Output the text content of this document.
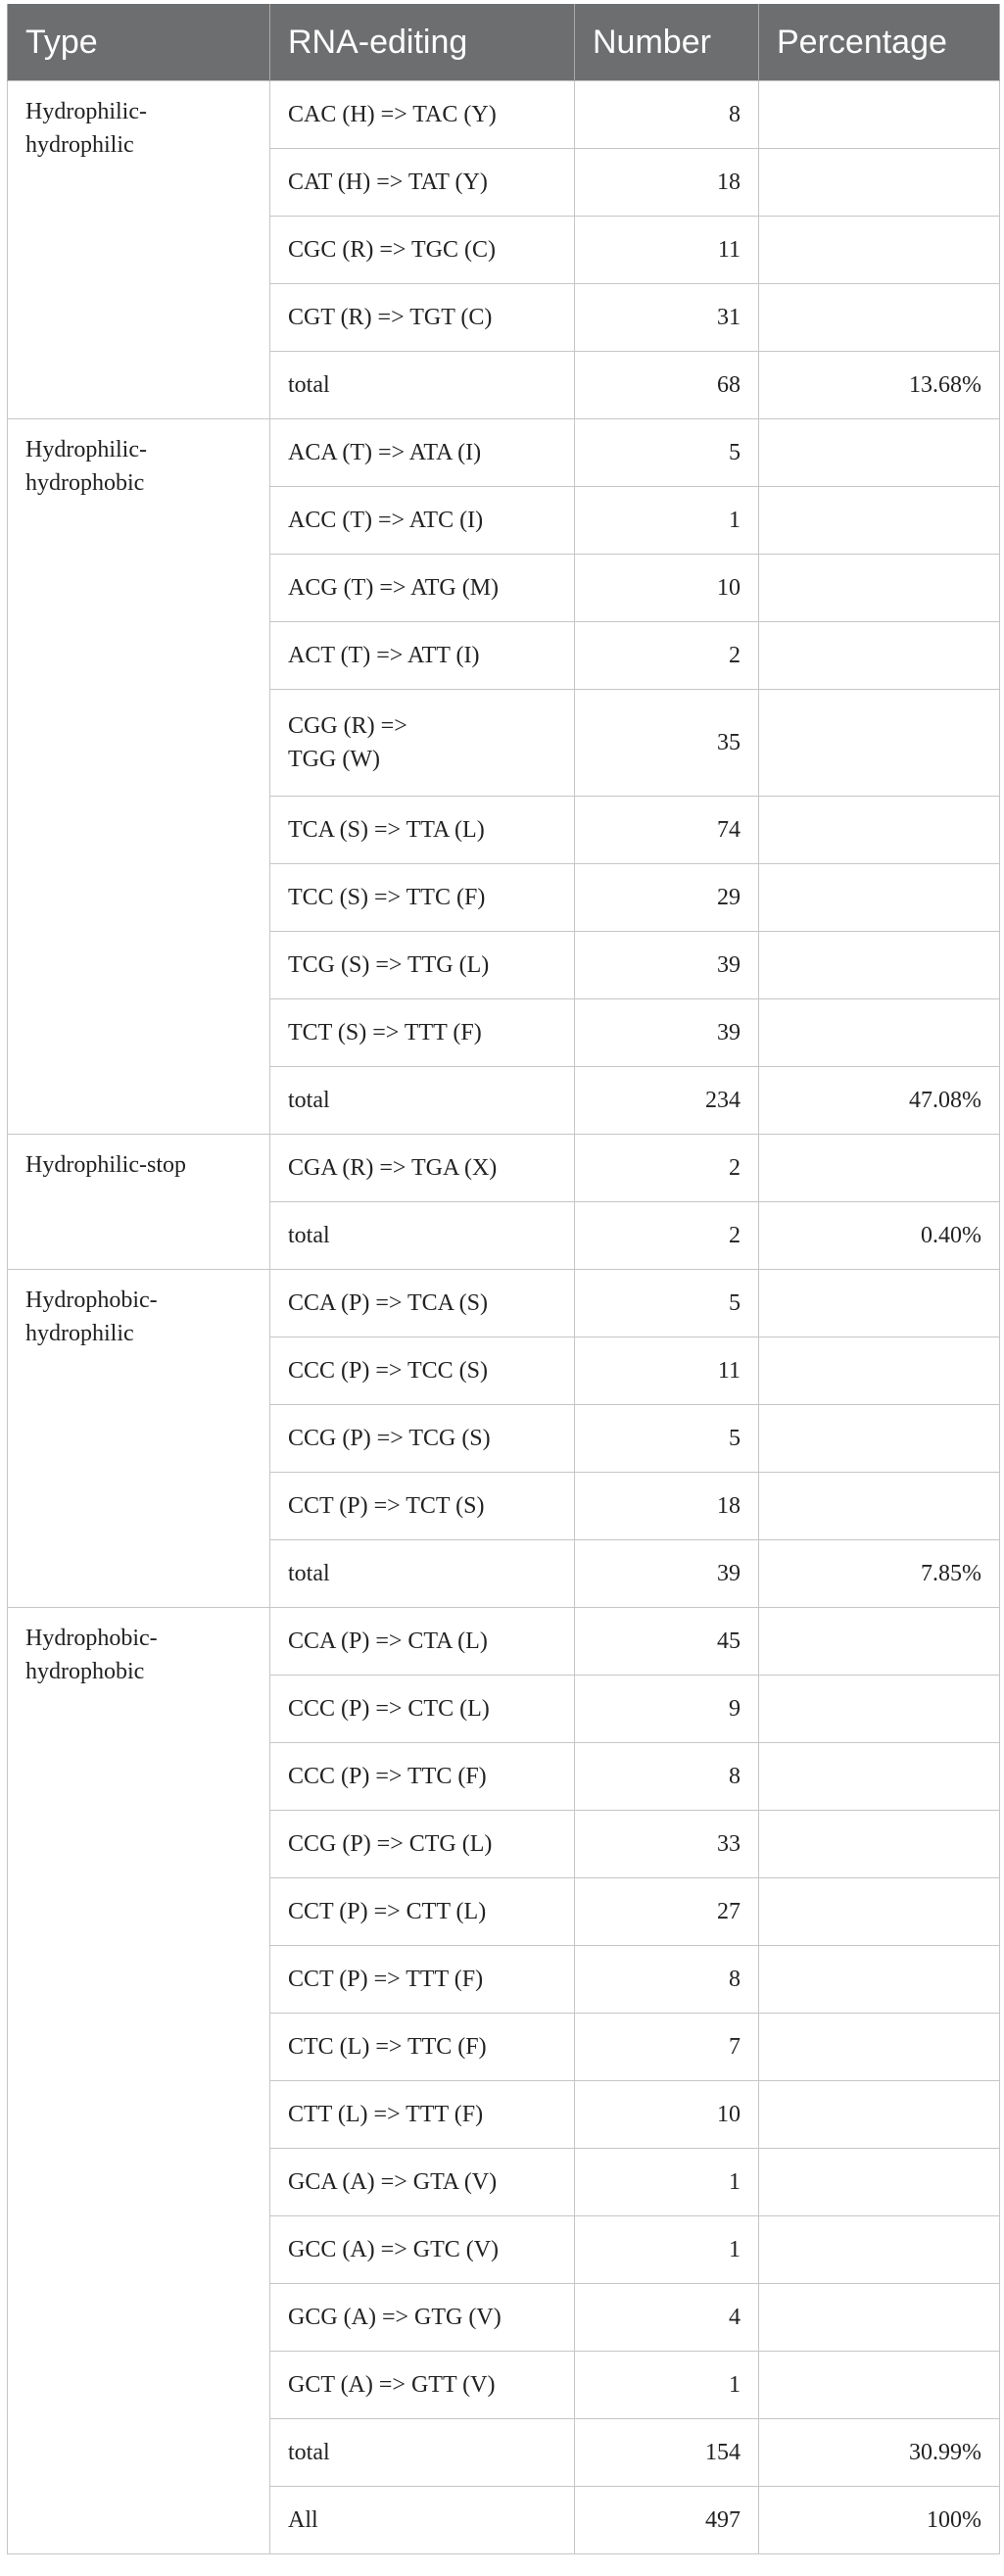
Type	RNA-editing	Number	Percentage
Hydrophilic-
hydrophilic	CAC (H) => TAC (Y)	8	
	CAT (H) => TAT (Y)	18	
	CGC (R) => TGC (C)	11	
	CGT (R) => TGT (C)	31	
	total	68	13.68%
Hydrophilic-
hydrophobic	ACA (T) => ATA (I)	5	
	ACC (T) => ATC (I)	1	
	ACG (T) => ATG (M)	10	
	ACT (T) => ATT (I)	2	
	CGG (R) =>
TGG (W)	35	
	TCA (S) => TTA (L)	74	
	TCC (S) => TTC (F)	29	
	TCG (S) => TTG (L)	39	
	TCT (S) => TTT (F)	39	
	total	234	47.08%
Hydrophilic-stop	CGA (R) => TGA (X)	2	
	total	2	0.40%
Hydrophobic-
hydrophilic	CCA (P) => TCA (S)	5	
	CCC (P) => TCC (S)	11	
	CCG (P) => TCG (S)	5	
	CCT (P) => TCT (S)	18	
	total	39	7.85%
Hydrophobic-
hydrophobic	CCA (P) => CTA (L)	45	
	CCC (P) => CTC (L)	9	
	CCC (P) => TTC (F)	8	
	CCG (P) => CTG (L)	33	
	CCT (P) => CTT (L)	27	
	CCT (P) => TTT (F)	8	
	CTC (L) => TTC (F)	7	
	CTT (L) => TTT (F)	10	
	GCA (A) => GTA (V)	1	
	GCC (A) => GTC (V)	1	
	GCG (A) => GTG (V)	4	
	GCT (A) => GTT (V)	1	
	total	154	30.99%
	All	497	100%
